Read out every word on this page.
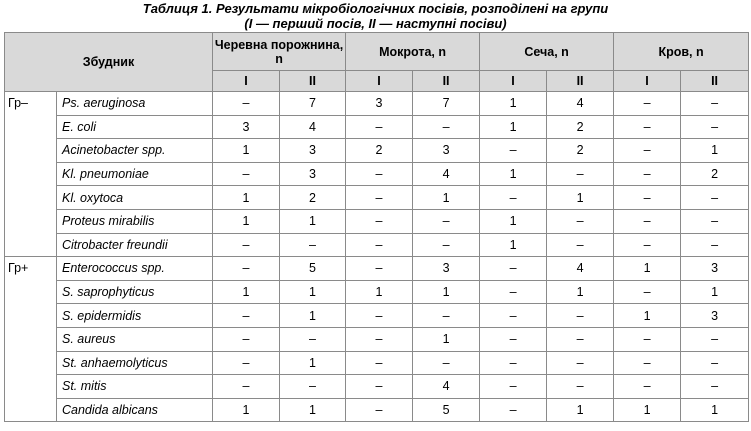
Таблиця 1. Результати мікробіологічних посівів, розподілені на групи
(I — перший посів, II — наступні посіви)
Збудник		Черевна порожнина, n		Мокрота, n		Сеча, n		Кров, n	
		I	II	I	II	I	II	I	II
Гр–	Ps. aeruginosa	–	7	3	7	1	4	–	–
	E. coli	3	4	–	–	1	2	–	–
	Acinetobacter spp.	1	3	2	3	–	2	–	1
	Kl. pneumoniae	–	3	–	4	1	–	–	2
	Kl. oxytoca	1	2	–	1	–	1	–	–
	Proteus mirabilis	1	1	–	–	1	–	–	–
	Citrobacter freundii	–	–	–	–	1	–	–	–
Гр+	Enterococcus spp.	–	5	–	3	–	4	1	3
	S. saprophyticus	1	1	1	1	–	1	–	1
	S. epidermidis	–	1	–	–	–	–	1	3
	S. aureus	–	–	–	1	–	–	–	–
	St. anhaemolyticus	–	1	–	–	–	–	–	–
	St. mitis	–	–	–	4	–	–	–	–
	Candida albicans	1	1	–	5	–	1	1	1
